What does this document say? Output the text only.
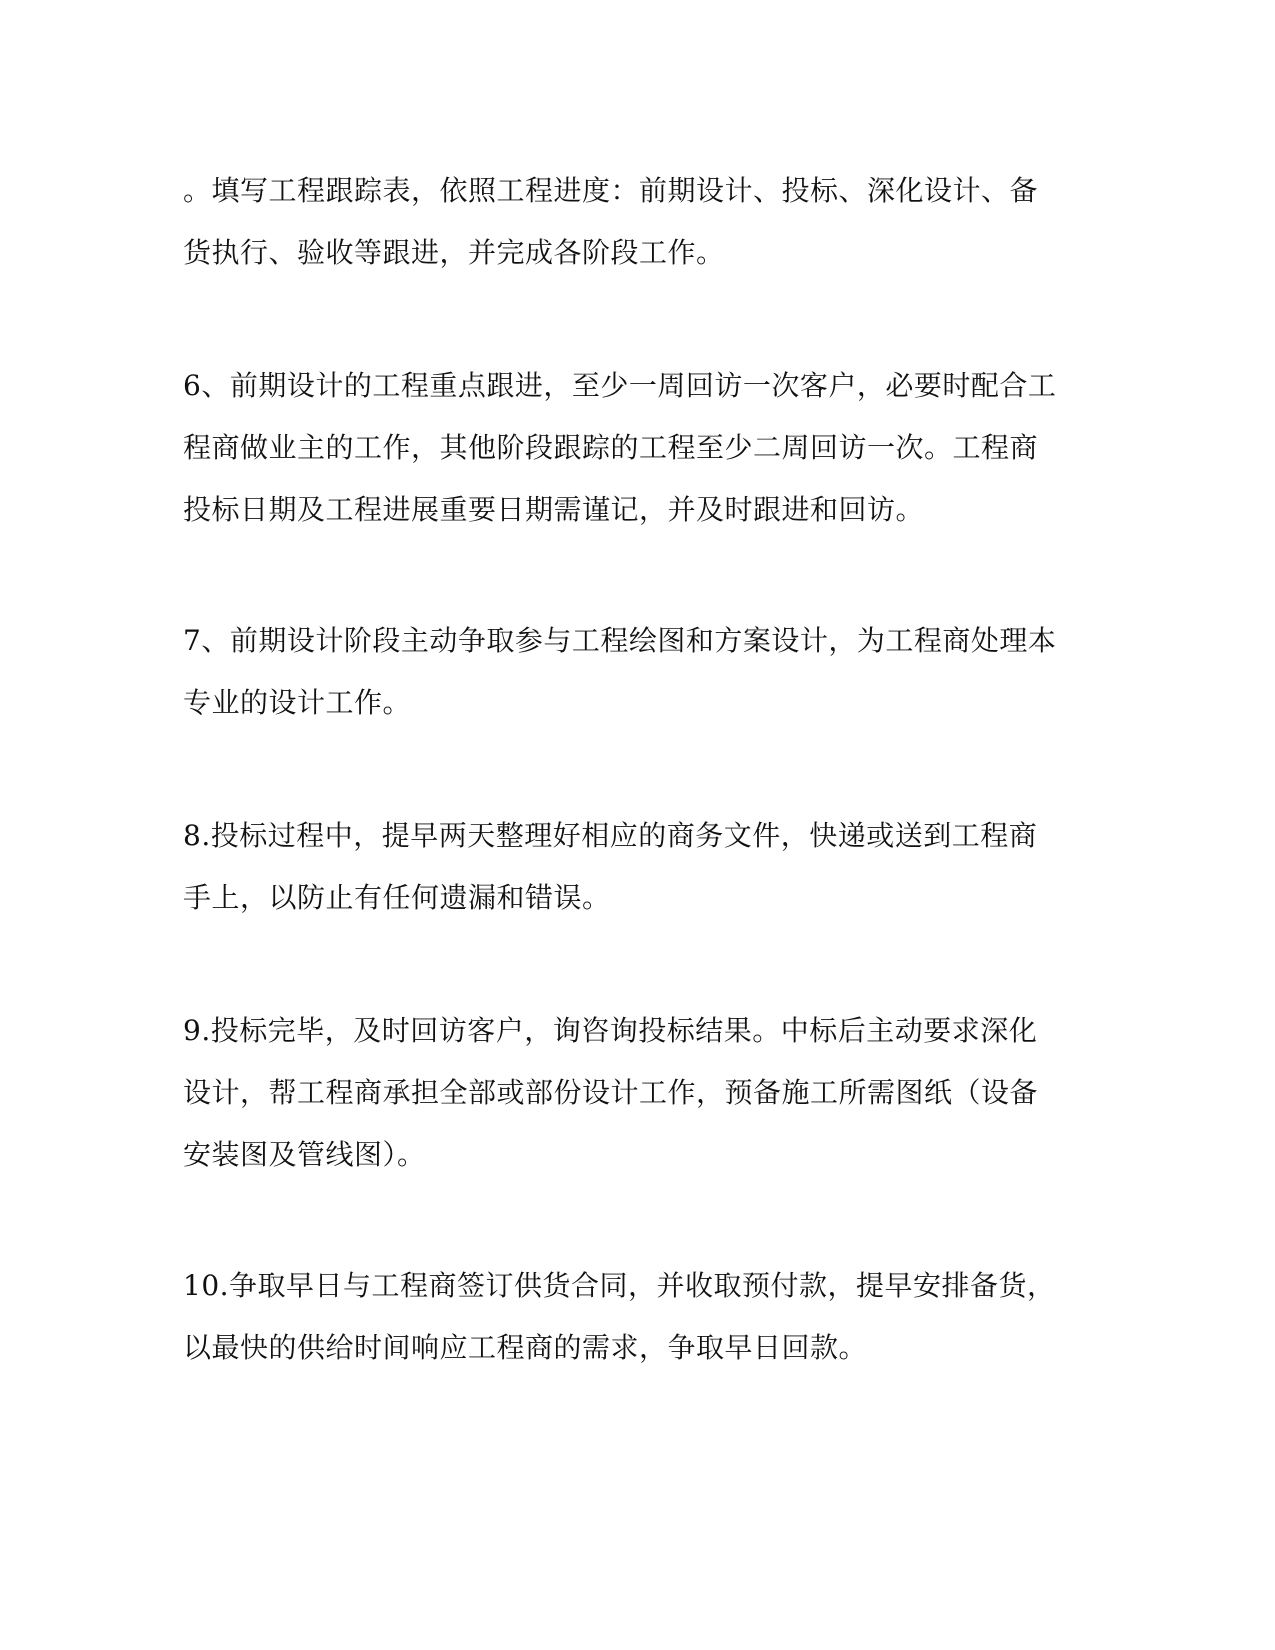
。填写工程跟踪表，依照工程进度：前期设计、投标、深化设计、备
货执行、验收等跟进，并完成各阶段工作。

6、前期设计的工程重点跟进，至少一周回访一次客户，必要时配合工
程商做业主的工作，其他阶段跟踪的工程至少二周回访一次。工程商
投标日期及工程进展重要日期需谨记，并及时跟进和回访。

7、前期设计阶段主动争取参与工程绘图和方案设计，为工程商处理本
专业的设计工作。

8.投标过程中，提早两天整理好相应的商务文件，快递或送到工程商
手上，以防止有任何遗漏和错误。

9.投标完毕，及时回访客户，询咨询投标结果。中标后主动要求深化
设计，帮工程商承担全部或部份设计工作，预备施工所需图纸（设备
安装图及管线图）。

10.争取早日与工程商签订供货合同，并收取预付款，提早安排备货，
以最快的供给时间响应工程商的需求，争取早日回款。
